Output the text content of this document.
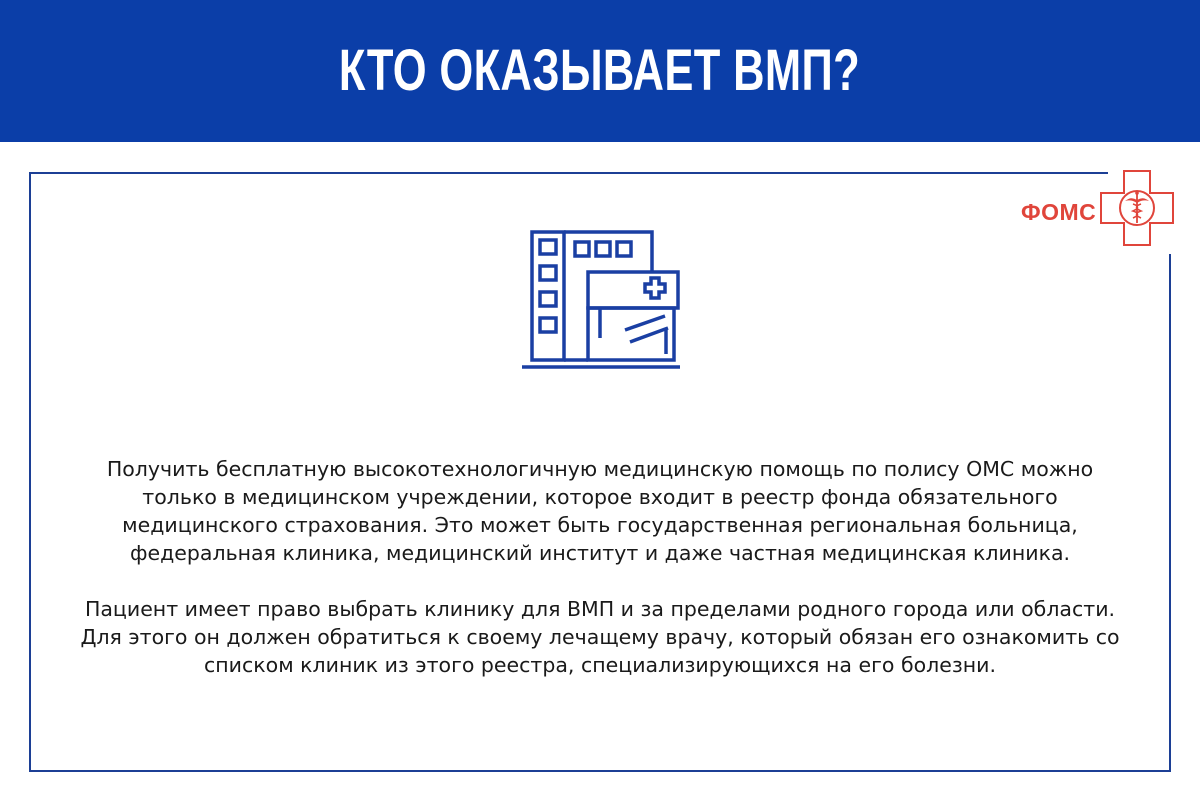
КТО ОКАЗЫВАЕТ ВМП?
ФОМС

Получить бесплатную высокотехнологичную медицинскую помощь по полису ОМС можно
только в медицинском учреждении, которое входит в реестр фонда обязательного
медицинского страхования. Это может быть государственная региональная больница,
федеральная клиника, медицинский институт и даже частная медицинская клиника.

Пациент имеет право выбрать клинику для ВМП и за пределами родного города или области.
Для этого он должен обратиться к своему лечащему врачу, который обязан его ознакомить со
списком клиник из этого реестра, специализирующихся на его болезни.
